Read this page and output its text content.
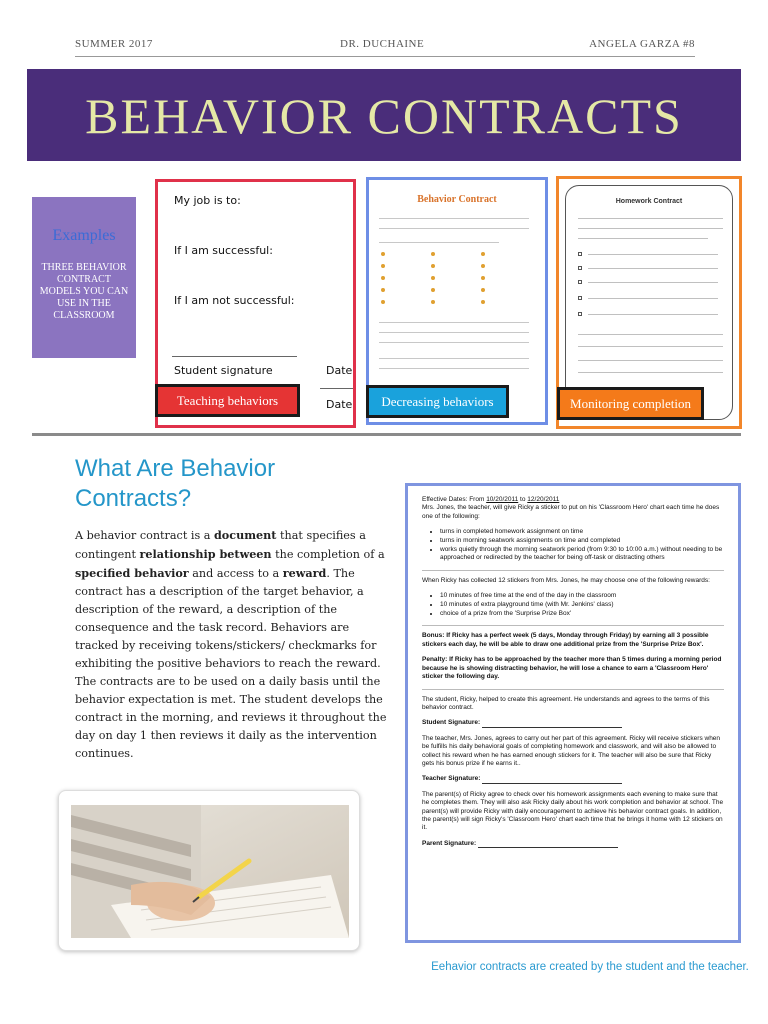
SUMMER 2017	DR. DUCHAINE	ANGELA GARZA #8
BEHAVIOR CONTRACTS
Examples
THREE BEHAVIOR CONTRACT MODELS YOU CAN USE IN THE CLASSROOM
My job is to:
If I am successful:
If I am not successful:
Student signature	Date
Date
Behavior Contract	Homework Contract
Teaching behaviors	Decreasing behaviors	Monitoring completion
What Are Behavior Contracts?
A behavior contract is a document that specifies a contingent relationship between the completion of a specified behavior and access to a reward. The contract has a description of the target behavior, a description of the reward, a description of the consequence and the task record. Behaviors are tracked by receiving tokens/stickers/ checkmarks for exhibiting the positive behaviors to reach the reward. The contracts are to be used on a daily basis until the behavior expectation is met. The student develops the contract in the morning, and reviews it throughout the day on day 1 then reviews it daily as the intervention continues.

Effective Dates: From 10/20/2011 to 12/20/2011
Mrs. Jones, the teacher, will give Ricky a sticker to put on his 'Classroom Hero' chart each time he does one of the following:

• turns in completed homework assignment on time
• turns in morning seatwork assignments on time and completed
• works quietly through the morning seatwork period (from 9:30 to 10:00 a.m.) without needing to be approached or redirected by the teacher for being off-task or distracting others

When Ricky has collected 12 stickers from Mrs. Jones, he may choose one of the following rewards:

• 10 minutes of free time at the end of the day in the classroom
• 10 minutes of extra playground time (with Mr. Jenkins' class)
• choice of a prize from the 'Surprise Prize Box'

Bonus: If Ricky has a perfect week (5 days, Monday through Friday) by earning all 3 possible stickers each day, he will be able to draw one additional prize from the 'Surprise Prize Box'.

Penalty: If Ricky has to be approached by the teacher more than 5 times during a morning period because he is showing distracting behavior, he will lose a chance to earn a 'Classroom Hero' sticker the following day.

The student, Ricky, helped to create this agreement. He understands and agrees to the terms of this behavior contract.

Student Signature:

The teacher, Mrs. Jones, agrees to carry out her part of this agreement. Ricky will receive stickers when be fulfills his daily behavioral goals of completing homework and classwork, and will also be allowed to collect his reward when he has earned enough stickers for it. The teacher will also be sure that Ricky gets his bonus prize if he earns it..

Teacher Signature:

The parent(s) of Ricky agree to check over his homework assignments each evening to make sure that he completes them. They will also ask Ricky daily about his work completion and behavior at school. The parent(s) will provide Ricky with daily encouragement to achieve his behavior contract goals. In addition, the parent(s) will sign Ricky's 'Classroom Hero' chart each time that he brings it home with 12 stickers on it.

Parent Signature:

Eehavior contracts are created by the student and the teacher.
